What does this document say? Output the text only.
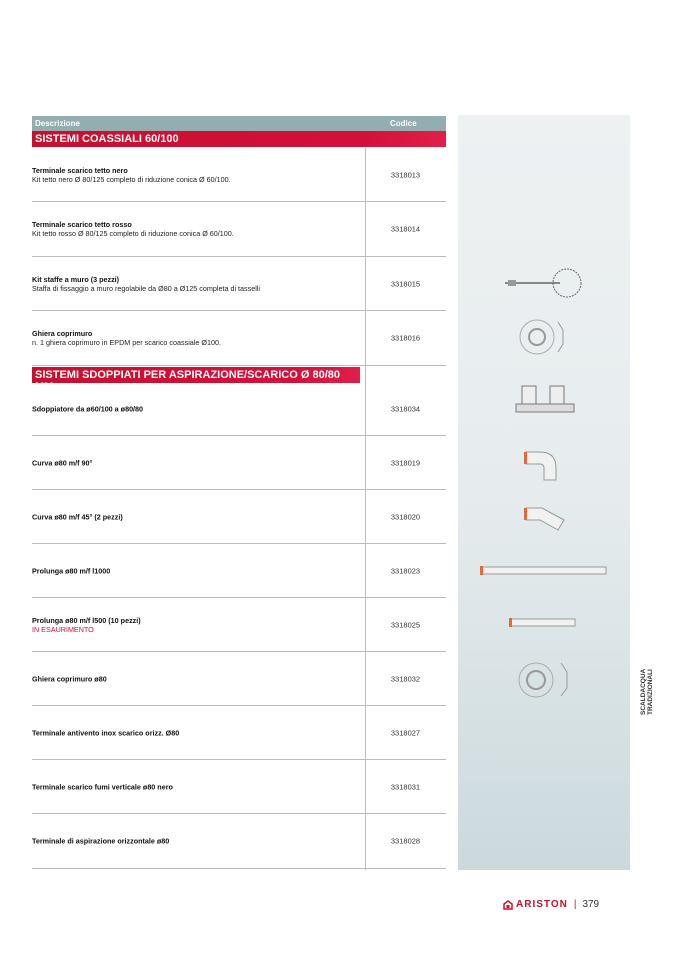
Descrizione	Codice
SISTEMI COASSIALI 60/100
Terminale scarico tetto nero
Kit tetto nero Ø 80/125 completo di riduzione conica Ø 60/100.	3318013
Terminale scarico tetto rosso
Kit tetto rosso Ø 80/125 completo di riduzione conica Ø 60/100.	3318014
Kit staffe a muro (3 pezzi)
Staffa di fissaggio a muro regolabile da Ø80 a Ø125 completa di tasselli	3318015
Ghiera coprimuro
n. 1 ghiera coprimuro in EPDM per scarico coassiale Ø100.	3318016
SISTEMI SDOPPIATI PER ASPIRAZIONE/SCARICO Ø 80/80 MM
Sdoppiatore da ø60/100 a ø80/80	3318034
Curva ø80 m/f 90°	3318019
Curva ø80 m/f 45° (2 pezzi)	3318020
Prolunga ø80 m/f l1000	3318023
Prolunga ø80 m/f l500 (10 pezzi)
IN ESAURIMENTO	3318025
Ghiera coprimuro ø80	3318032
Terminale antivento inox scarico orizz. Ø80	3318027
Terminale scarico fumi verticale ø80 nero	3318031
Terminale di aspirazione orizzontale ø80	3318028
SCALDACQUA TRADIZIONALI
ARISTON | 379
